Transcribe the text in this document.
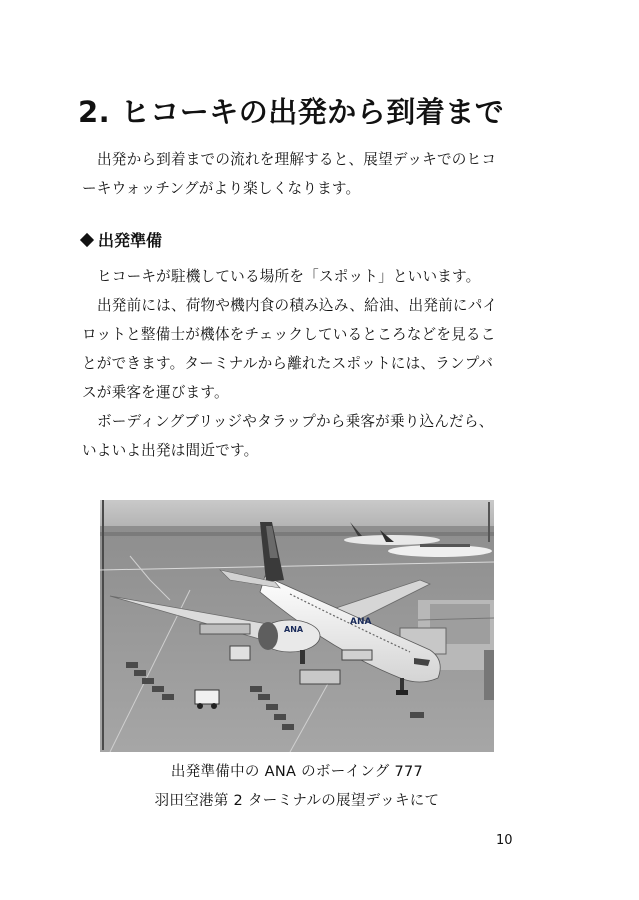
2. ヒコーキの出発から到着まで
出発から到着までの流れを理解すると、展望デッキでのヒコ
ーキウォッチングがより楽しくなります。
出発準備
ヒコーキが駐機している場所を「スポット」といいます。
出発前には、荷物や機内食の積み込み、給油、出発前にパイ
ロットと整備士が機体をチェックしているところなどを見るこ
とができます。ターミナルから離れたスポットには、ランプバ
スが乗客を運びます。
ボーディングブリッジやタラップから乗客が乗り込んだら、
いよいよ出発は間近です。
ANA
ANA
出発準備中の ANA のボーイング 777
羽田空港第 2 ターミナルの展望デッキにて
10
